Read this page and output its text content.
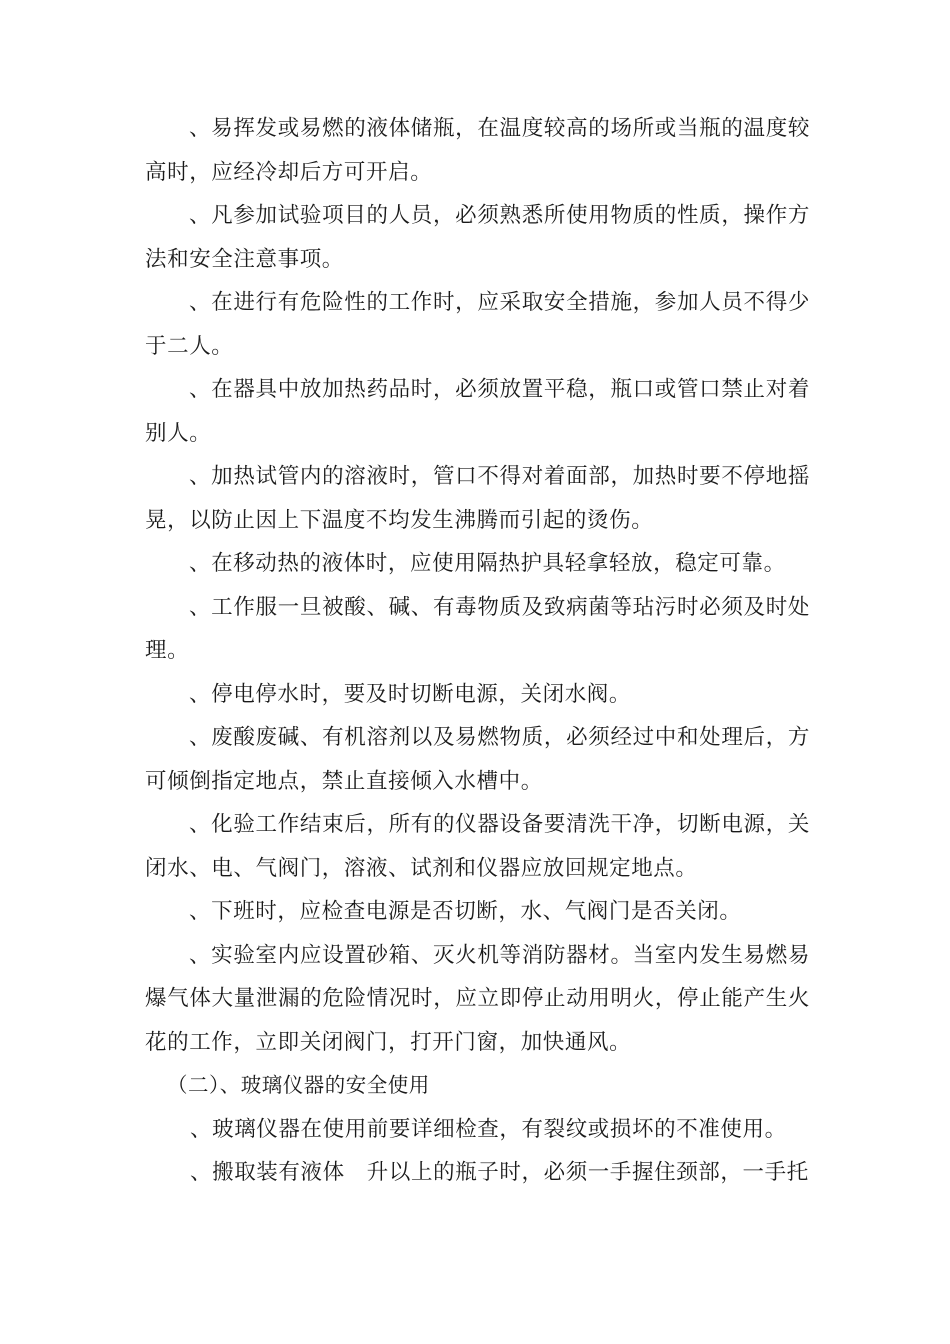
、易挥发或易燃的液体储瓶，在温度较高的场所或当瓶的温度较高时，应经冷却后方可开启。

、凡参加试验项目的人员，必须熟悉所使用物质的性质，操作方法和安全注意事项。

、在进行有危险性的工作时，应采取安全措施，参加人员不得少于二人。

、在器具中放加热药品时，必须放置平稳，瓶口或管口禁止对着别人。

、加热试管内的溶液时，管口不得对着面部，加热时要不停地摇晃，以防止因上下温度不均发生沸腾而引起的烫伤。

、在移动热的液体时，应使用隔热护具轻拿轻放，稳定可靠。

、工作服一旦被酸、碱、有毒物质及致病菌等玷污时必须及时处理。

、停电停水时，要及时切断电源，关闭水阀。

、废酸废碱、有机溶剂以及易燃物质，必须经过中和处理后，方可倾倒指定地点，禁止直接倾入水槽中。

、化验工作结束后，所有的仪器设备要清洗干净，切断电源，关闭水、电、气阀门，溶液、试剂和仪器应放回规定地点。

、下班时，应检查电源是否切断，水、气阀门是否关闭。

、实验室内应设置砂箱、灭火机等消防器材。当室内发生易燃易爆气体大量泄漏的危险情况时，应立即停止动用明火，停止能产生火花的工作，立即关闭阀门，打开门窗，加快通风。

（二）、玻璃仪器的安全使用

、玻璃仪器在使用前要详细检查，有裂纹或损坏的不准使用。

、搬取装有液体　升以上的瓶子时，必须一手握住颈部，一手托
